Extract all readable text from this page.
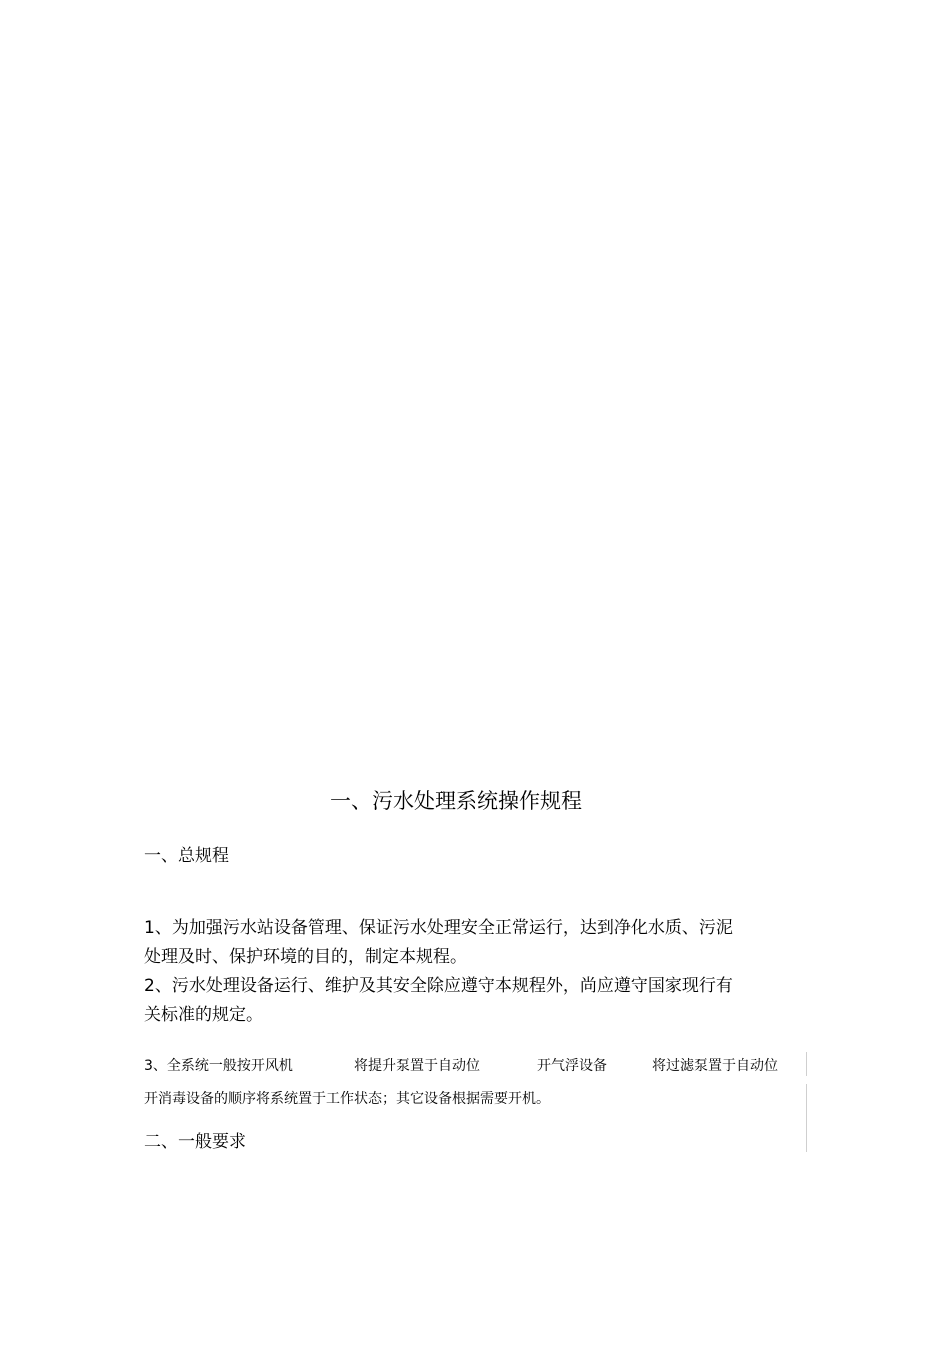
一、污水处理系统操作规程
一、总规程
1、为加强污水站设备管理、保证污水处理安全正常运行，达到净化水质、污泥
处理及时、保护环境的目的，制定本规程。
2、污水处理设备运行、维护及其安全除应遵守本规程外，尚应遵守国家现行有
关标准的规定。
3、全系统一般按开风机	将提升泵置于自动位	开气浮设备	将过滤泵置于自动位
开消毒设备的顺序将系统置于工作状态；其它设备根据需要开机。
二、一般要求
